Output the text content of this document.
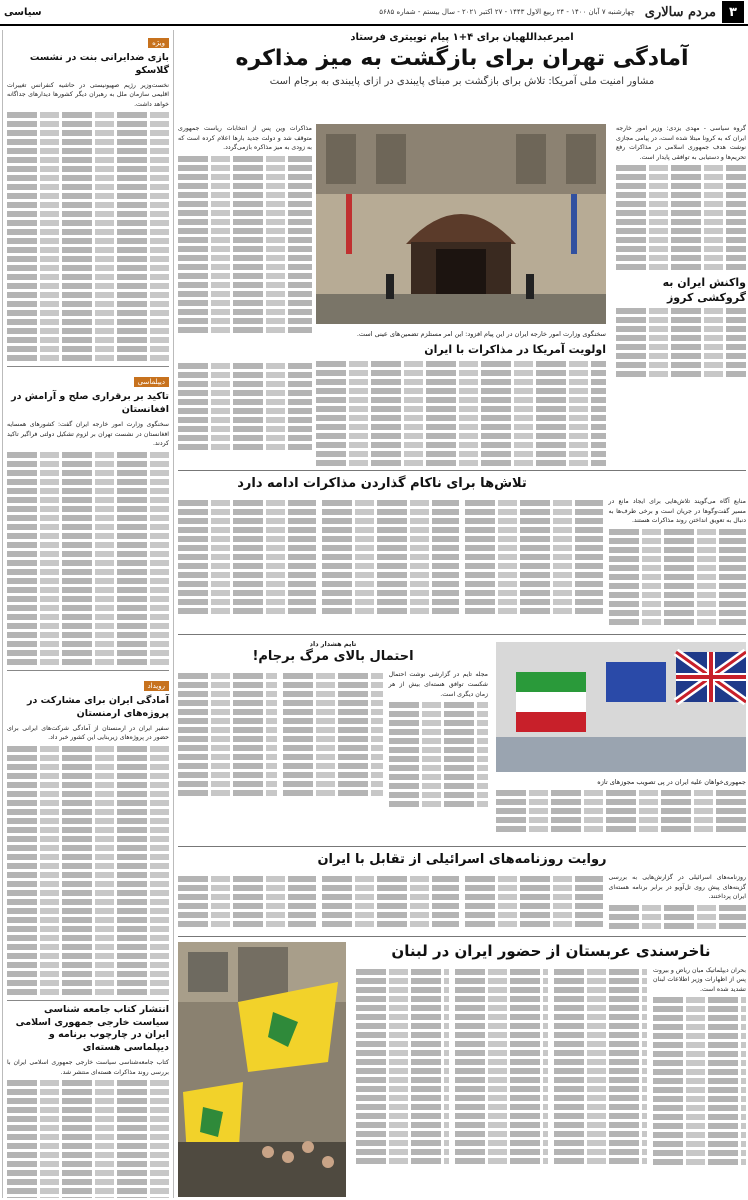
۳
مردم سالاری
چهارشنبه ۷ آبان ۱۴۰۰ - ۲۴ ربیع الاول ۱۴۴۳ - ۲۷ اکتبر ۲۰۲۱ - سال بیستم - شماره ۵۶۸۵
سیاسی
امیرعبداللهیان برای ۴+۱ پیام توییتری فرستاد
آمادگی تهران برای بازگشت به میز مذاکره
مشاور امنیت ملی آمریکا: تلاش برای بازگشت بر مبنای پایبندی در ازای پایبندی به برجام است
گروه سیاسی - مهدی یزدی: وزیر امور خارجه ایران که به کرونا مبتلا شده است، در پیامی مجازی نوشت هدف جمهوری اسلامی در مذاکرات رفع تحریم‌ها و دستیابی به توافقی پایدار است.
واکنش ایران به گروکشی کروز
مذاکرات وین پس از انتخابات ریاست جمهوری متوقف شد و دولت جدید بارها اعلام کرده است که به زودی به میز مذاکره بازمی‌گردد.
سخنگوی وزارت امور خارجه ایران در این پیام افزود: این امر مستلزم تضمین‌های عینی است.
اولویت آمریکا در مذاکرات با ایران
تلاش‌ها برای ناکام گذاردن مذاکرات ادامه دارد
منابع آگاه می‌گویند تلاش‌هایی برای ایجاد مانع در مسیر گفت‌وگوها در جریان است و برخی طرف‌ها به دنبال به تعویق انداختن روند مذاکرات هستند.
تایم هشدار داد
احتمال بالای مرگ برجام!
مجله تایم در گزارشی نوشت احتمال شکست توافق هسته‌ای بیش از هر زمان دیگری است.
جمهوری‌خواهان علیه ایران در پی تصویب مجوزهای تازه
روایت روزنامه‌های اسرائیلی از تقابل با ایران
روزنامه‌های اسرائیلی در گزارش‌هایی به بررسی گزینه‌های پیش روی تل‌آویو در برابر برنامه هسته‌ای ایران پرداختند.
ناخرسندی عربستان از حضور ایران در لبنان
بحران دیپلماتیک میان ریاض و بیروت پس از اظهارات وزیر اطلاعات لبنان تشدید شده است.
ویژه
بازی ضدایرانی بنت در نشست گلاسکو
نخست‌وزیر رژیم صهیونیستی در حاشیه کنفرانس تغییرات اقلیمی سازمان ملل به رهبران دیگر کشورها دیدارهای جداگانه خواهد داشت.
دیپلماسی
تاکید بر برقراری صلح و آرامش در افغانستان
سخنگوی وزارت امور خارجه ایران گفت: کشورهای همسایه افغانستان در نشست تهران بر لزوم تشکیل دولتی فراگیر تاکید کردند.
رویداد
آمادگی ایران برای مشارکت در پروژه‌های ارمنستان
سفیر ایران در ارمنستان از آمادگی شرکت‌های ایرانی برای حضور در پروژه‌های زیربنایی این کشور خبر داد.
انتشار کتاب جامعه شناسی سیاست خارجی جمهوری اسلامی ایران در چارچوب برنامه و دیپلماسی هسته‌ای
کتاب جامعه‌شناسی سیاست خارجی جمهوری اسلامی ایران با بررسی روند مذاکرات هسته‌ای منتشر شد.
